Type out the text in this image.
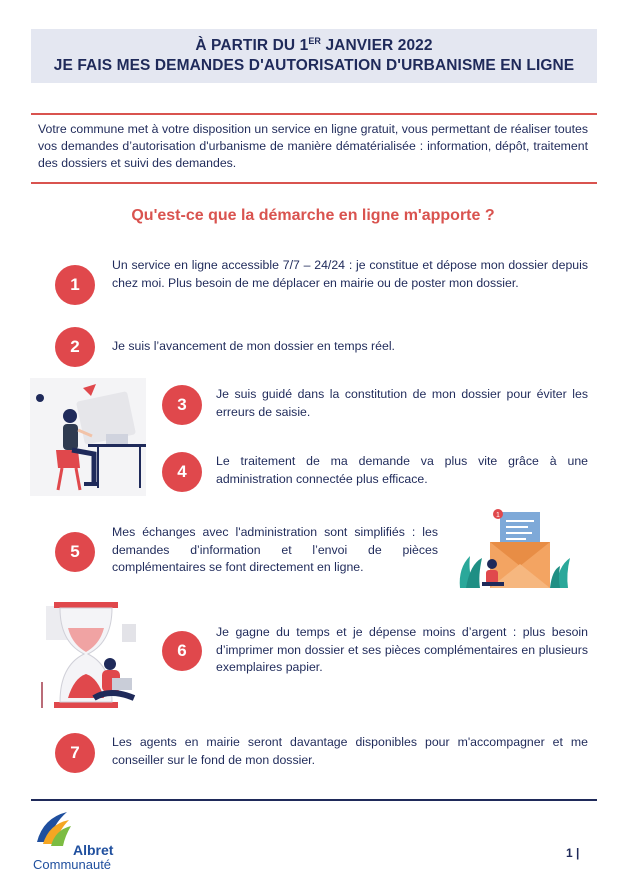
À PARTIR DU 1ER JANVIER 2022
JE FAIS MES DEMANDES D'AUTORISATION D'URBANISME EN LIGNE
Votre commune met à votre disposition un service en ligne gratuit, vous permettant de réaliser toutes vos demandes d’autorisation d'urbanisme de manière dématérialisée : information, dépôt, traitement des dossiers et suivi des demandes.
Qu'est-ce que la démarche en ligne m'apporte ?
1
Un service en ligne accessible 7/7 – 24/24 : je constitue et dépose mon dossier depuis chez moi. Plus besoin de me déplacer en mairie ou de poster mon dossier.
2	Je suis l’avancement de mon dossier en temps réel.
3
Je suis guidé dans la constitution de mon dossier pour éviter les erreurs de saisie.
4
Le traitement de ma demande va plus vite grâce à une administration connectée plus efficace.
5
Mes échanges avec l'administration sont simplifiés : les demandes d’information et l’envoi de pièces complémentaires se font directement en ligne.
1
6
Je gagne du temps et je dépense moins d’argent : plus besoin d’imprimer mon dossier et ses pièces complémentaires en plusieurs exemplaires papier.
7
Les agents en mairie seront davantage disponibles pour m'accompagner et me conseiller sur le fond de mon dossier.
Albret
Communauté
1 |
